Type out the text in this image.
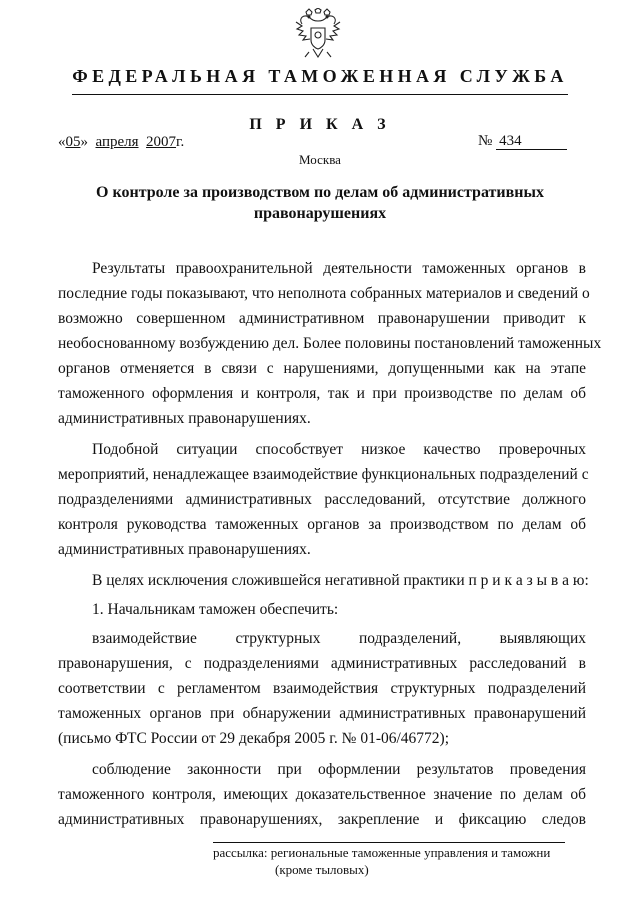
ФЕДЕРАЛЬНАЯ ТАМОЖЕННАЯ СЛУЖБА
П Р И К А З
«05» апреля 2007г.	№ 434
Москва
О контроле за производством по делам об административных
правонарушениях
Результаты правоохранительной деятельности таможенных органов в
последние годы показывают, что неполнота собранных материалов и сведений о
возможно совершенном административном правонарушении приводит к
необоснованному возбуждению дел. Более половины постановлений таможенных
органов отменяется в связи с нарушениями, допущенными как на этапе
таможенного оформления и контроля, так и при производстве по делам об
административных правонарушениях.
Подобной ситуации способствует низкое качество проверочных
мероприятий, ненадлежащее взаимодействие функциональных подразделений с
подразделениями административных расследований, отсутствие должного
контроля руководства таможенных органов за производством по делам об
административных правонарушениях.
В целях исключения сложившейся негативной практики п р и к а з ы в а ю:
1. Начальникам таможен обеспечить:
взаимодействие структурных подразделений, выявляющих
правонарушения, с подразделениями административных расследований в
соответствии с регламентом взаимодействия структурных подразделений
таможенных органов при обнаружении административных правонарушений
(письмо ФТС России от 29 декабря 2005 г. № 01-06/46772);
соблюдение законности при оформлении результатов проведения
таможенного контроля, имеющих доказательственное значение по делам об
административных правонарушениях, закрепление и фиксацию следов
рассылка: региональные таможенные управления и таможни
(кроме тыловых)
